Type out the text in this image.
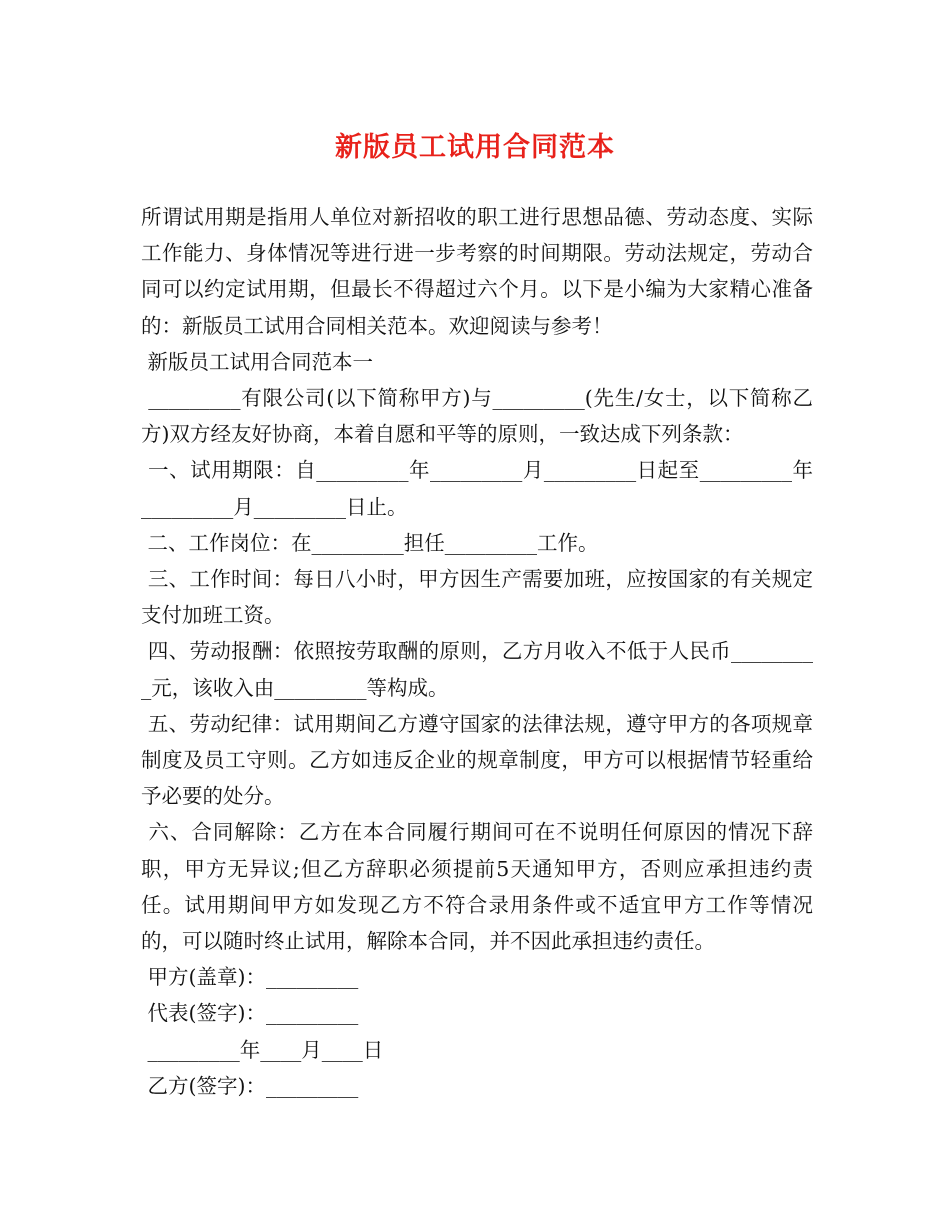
新版员工试用合同范本

所谓试用期是指用人单位对新招收的职工进行思想品德、劳动态度、实际工作能力、身体情况等进行进一步考察的时间期限。劳动法规定，劳动合同可以约定试用期，但最长不得超过六个月。以下是小编为大家精心准备的：新版员工试用合同相关范本。欢迎阅读与参考！

新版员工试用合同范本一

_________有限公司(以下简称甲方)与_________(先生/女士，以下简称乙方)双方经友好协商，本着自愿和平等的原则，一致达成下列条款：

一、试用期限：自_________年_________月_________日起至_________年_________月_________日止。

二、工作岗位：在_________担任_________工作。

三、工作时间：每日八小时，甲方因生产需要加班，应按国家的有关规定支付加班工资。

四、劳动报酬：依照按劳取酬的原则，乙方月收入不低于人民币_________元，该收入由_________等构成。

五、劳动纪律：试用期间乙方遵守国家的法律法规，遵守甲方的各项规章制度及员工守则。乙方如违反企业的规章制度，甲方可以根据情节轻重给予必要的处分。

六、合同解除：乙方在本合同履行期间可在不说明任何原因的情况下辞职，甲方无异议;但乙方辞职必须提前5天通知甲方，否则应承担违约责任。试用期间甲方如发现乙方不符合录用条件或不适宜甲方工作等情况的，可以随时终止试用，解除本合同，并不因此承担违约责任。

甲方(盖章)：_________

代表(签字)：_________

_________年____月____日

乙方(签字)：_________
